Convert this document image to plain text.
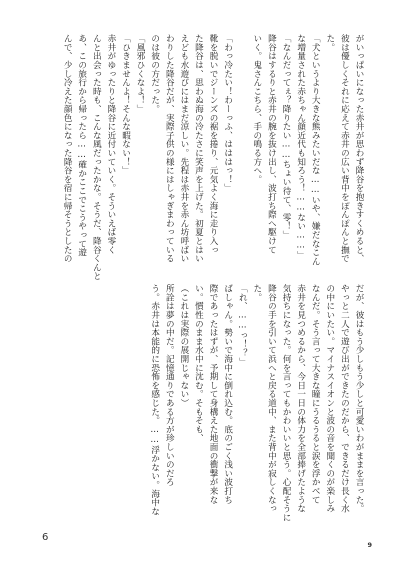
がいっぱいになった赤井が思わず降谷を抱きすくめると、
彼は優しくそれに応えて赤井の広い背中をぽんぽんと撫で
た。
「犬というより大きな熊みたいだな……いや、嫌だなこん
な増量された赤ちゃん顔近代も知ろう！……ない……」
「なんだってぇ？降りたい……ちょい待て、零！」
降谷はするりと赤井の腕を抜け出し、波打ち際へ駆けて
いく。鬼さんこちら、手の鳴る方へ。

「わっ冷たい！わーっふ、はははっ！」
靴を脱いでジーンズの裾を捲り、元気よく海に走り入っ
た降谷は、思わぬ海の冷たさに笑声を上げた。初夏とはい
えども水遊びにはまだ涼しい。先程は赤井を赤ん坊呼ばい
わりした降谷だが、実際子供の様にはしゃぎまわっている
のは彼の方だった。
「風邪ひくなよ！」
「ひきませんよ！そんな暇ない！」
赤井がゆったりと降谷に近付いていく。そういえば零く
んと出会った時も、こんな風だったかな。そうだ、降谷くんと
あ、この旅行から帰ったら……確かここでこうやって遊
んで、少し冷えた顔色になった降谷を宿に帰そうとしたの
だが、彼はもう少しもう少しと可愛いわがままを言った。
やっと二人で遊び出ができたのだから、できるだけ長く水
の中にいたい。マイナスイオンと波の音を聞くのが楽しみ
なんだ。そう言って大きな瞳にうるうると涙を浮かべて
赤井を見つめるから、今日一日の体力を全部捧げたような
気持ちになった。何を言ってもかわいいと思う。心配そうに
降谷の手を引いて浜へと戻る道中、また背中が寂しくなっ
た。
「れ、……っ！？」
ばしゃん。勢いで海中に倒れ込む。底のごく浅い波打ち
際であったはずが、予期して身構えた地面の衝撃が来な
い。慣性のまま水中に沈む。そもそも、
（これは実際の展開じゃない）
所詮は夢の中だ。記憶通りである方が珍しいのだろ
う。赤井は本能的に恐怖を感じた。……浮かない。海中な
6
9
